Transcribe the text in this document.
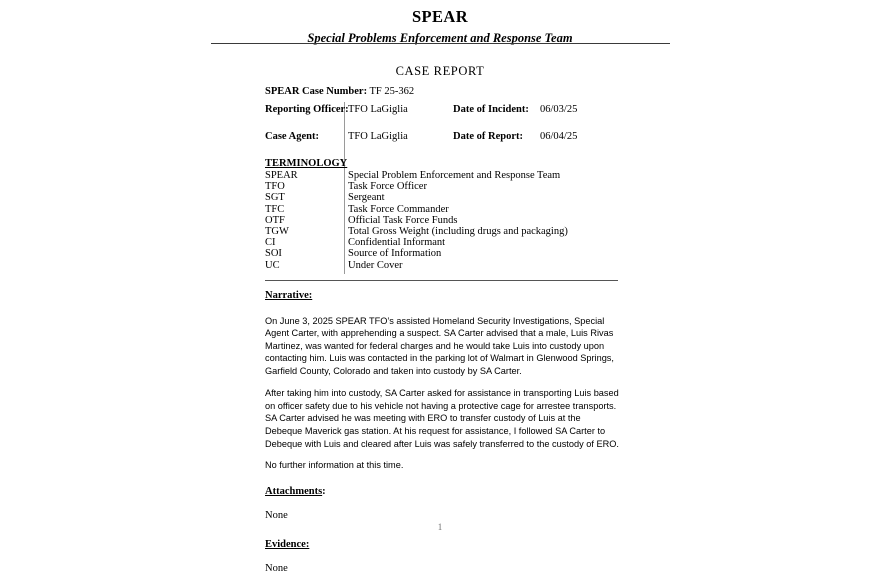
SPEAR
Special Problems Enforcement and Response Team
CASE REPORT
SPEAR Case Number: TF 25-362
Reporting Officer: TFO LaGiglia	Date of Incident: 06/03/25
Case Agent:	TFO LaGiglia	Date of Report: 06/04/25
TERMINOLOGY
SPEAR	Special Problem Enforcement and Response Team
TFO	Task Force Officer
SGT	Sergeant
TFC	Task Force Commander
OTF	Official Task Force Funds
TGW	Total Gross Weight (including drugs and packaging)
CI	Confidential Informant
SOI	Source of Information
UC	Under Cover
Narrative:

On June 3, 2025 SPEAR TFO’s assisted Homeland Security Investigations, Special Agent Carter, with apprehending a suspect. SA Carter advised that a male, Luis Rivas Martinez, was wanted for federal charges and he would take Luis into custody upon contacting him. Luis was contacted in the parking lot of Walmart in Glenwood Springs, Garfield County, Colorado and taken into custody by SA Carter.

After taking him into custody, SA Carter asked for assistance in transporting Luis based on officer safety due to his vehicle not having a protective cage for arrestee transports. SA Carter advised he was meeting with ERO to transfer custody of Luis at the Debeque Maverick gas station. At his request for assistance, I followed SA Carter to Debeque with Luis and cleared after Luis was safely transferred to the custody of ERO.

No further information at this time.

Attachments:
None
Evidence:
None
1
